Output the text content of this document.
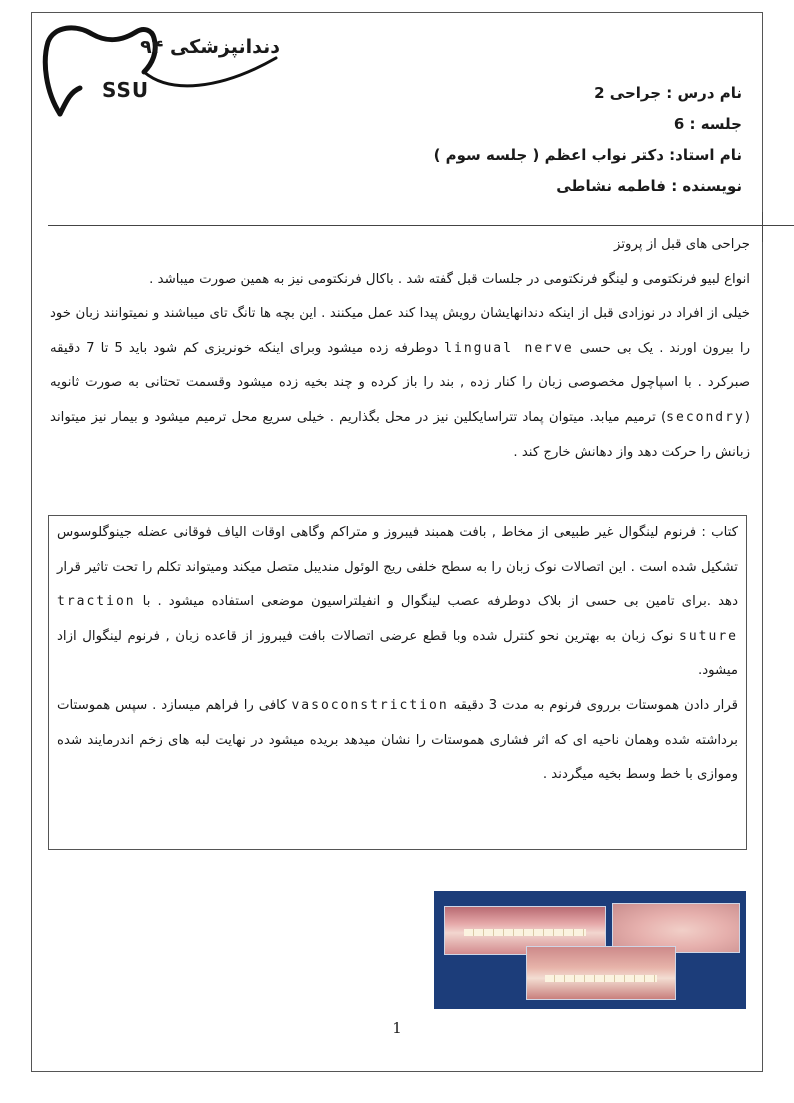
دندانپزشکی ۹۴
SSU	نام درس : جراحی 2
جلسه : 6
نام استاد: دکتر نواب اعظم ( جلسه سوم )
نویسنده : فاطمه نشاطی

جراحی های قبل از پروتز

انواع لبیو فرنکتومی و لینگو فرنکتومی در جلسات قبل گفته شد . باکال فرنکتومی نیز به همین صورت میباشد .

خیلی از افراد در نوزادی قبل از اینکه دندانهایشان رویش پیدا کند عمل میکنند . این بچه ها تانگ تای میباشند و نمیتوانند زبان خود را بیرون اورند . یک بی حسی lingual nerve دوطرفه زده میشود وبرای اینکه خونریزی کم شود باید 5 تا 7 دقیقه صبرکرد . با اسپاچول مخصوصی زبان را کنار زده , بند را باز کرده و چند بخیه زده میشود وقسمت تحتانی به صورت ثانویه (secondry) ترمیم میابد. میتوان پماد تتراسایکلین نیز در محل بگذاریم . خیلی سریع محل ترمیم میشود و بیمار نیز میتواند زبانش را حرکت دهد واز دهانش خارج کند .

کتاب : فرنوم لینگوال غیر طبیعی از مخاط , بافت همبند فیبروز و متراکم وگاهی اوقات الیاف فوقانی عضله جینوگلوسوس تشکیل شده است . این اتصالات نوک زبان را به سطح خلفی ریج الوئول مندیبل متصل میکند ومیتواند تکلم را تحت تاثیر قرار دهد .برای تامین بی حسی از بلاک دوطرفه عصب لینگوال و انفیلتراسیون موضعی استفاده میشود . با traction suture نوک زبان به بهترین نحو کنترل شده وبا قطع عرضی اتصالات بافت فیبروز از قاعده زبان , فرنوم لینگوال ازاد میشود.

قرار دادن هموستات برروی فرنوم به مدت 3 دقیقه vasoconstriction کافی را فراهم میسازد . سپس هموستات برداشته شده وهمان ناحیه ای که اثر فشاری هموستات را نشان میدهد بریده میشود در نهایت لبه های زخم اندرمایند شده وموازی با خط وسط بخیه میگردند .

1
